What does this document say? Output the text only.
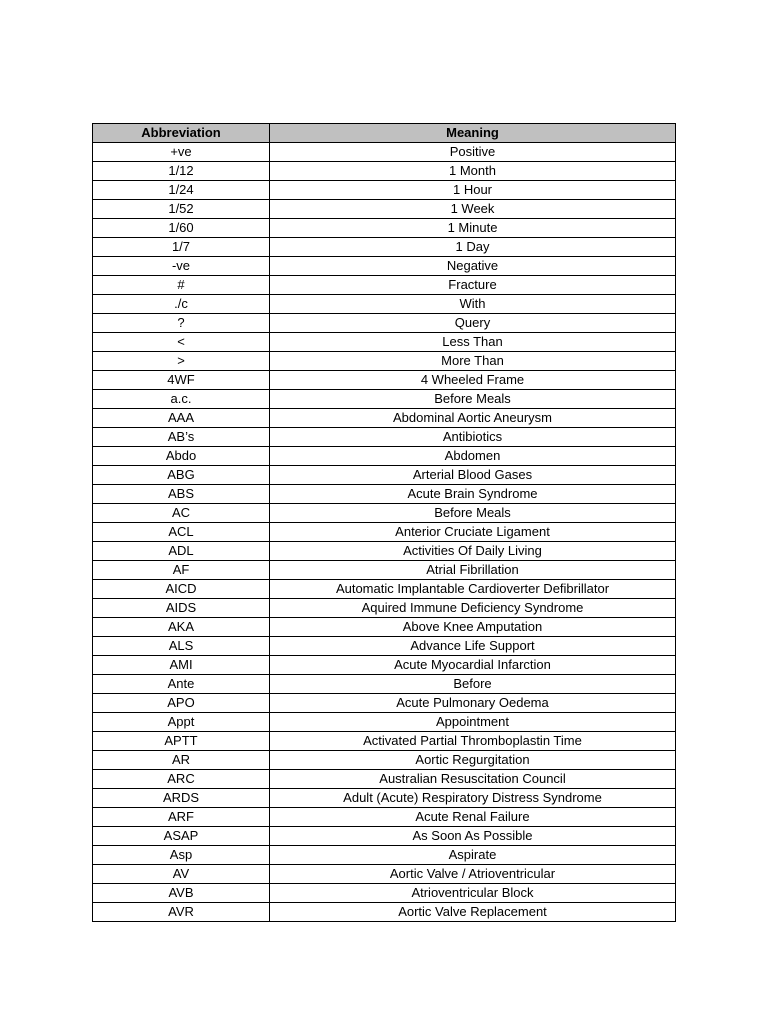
Abbreviation	Meaning
+ve	Positive
1/12	1 Month
1/24	1 Hour
1/52	1 Week
1/60	1 Minute
1/7	1 Day
-ve	Negative
#	Fracture
./c	With
?	Query
<	Less Than
>	More Than
4WF	4 Wheeled Frame
a.c.	Before Meals
AAA	Abdominal Aortic Aneurysm
AB’s	Antibiotics
Abdo	Abdomen
ABG	Arterial Blood Gases
ABS	Acute Brain Syndrome
AC	Before Meals
ACL	Anterior Cruciate Ligament
ADL	Activities Of Daily Living
AF	Atrial Fibrillation
AICD	Automatic Implantable Cardioverter Defibrillator
AIDS	Aquired Immune Deficiency Syndrome
AKA	Above Knee Amputation
ALS	Advance Life Support
AMI	Acute Myocardial Infarction
Ante	Before
APO	Acute Pulmonary Oedema
Appt	Appointment
APTT	Activated Partial Thromboplastin Time
AR	Aortic Regurgitation
ARC	Australian Resuscitation Council
ARDS	Adult (Acute) Respiratory Distress Syndrome
ARF	Acute Renal Failure
ASAP	As Soon As Possible
Asp	Aspirate
AV	Aortic Valve / Atrioventricular
AVB	Atrioventricular Block
AVR	Aortic Valve Replacement
